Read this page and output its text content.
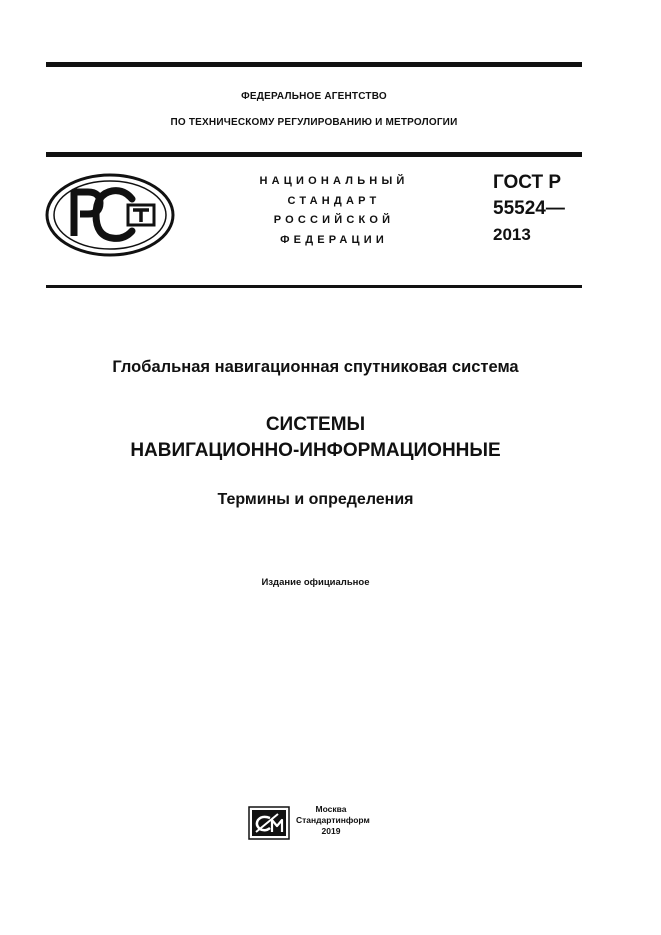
ФЕДЕРАЛЬНОЕ АГЕНТСТВО
ПО ТЕХНИЧЕСКОМУ РЕГУЛИРОВАНИЮ И МЕТРОЛОГИИ
НАЦИОНАЛЬНЫЙ
СТАНДАРТ
РОССИЙСКОЙ
ФЕДЕРАЦИИ
ГОСТ Р
55524—
2013
Глобальная навигационная спутниковая система
СИСТЕМЫ
НАВИГАЦИОННО-ИНФОРМАЦИОННЫЕ
Термины и определения
Издание официальное
Москва
Стандартинформ
2019
